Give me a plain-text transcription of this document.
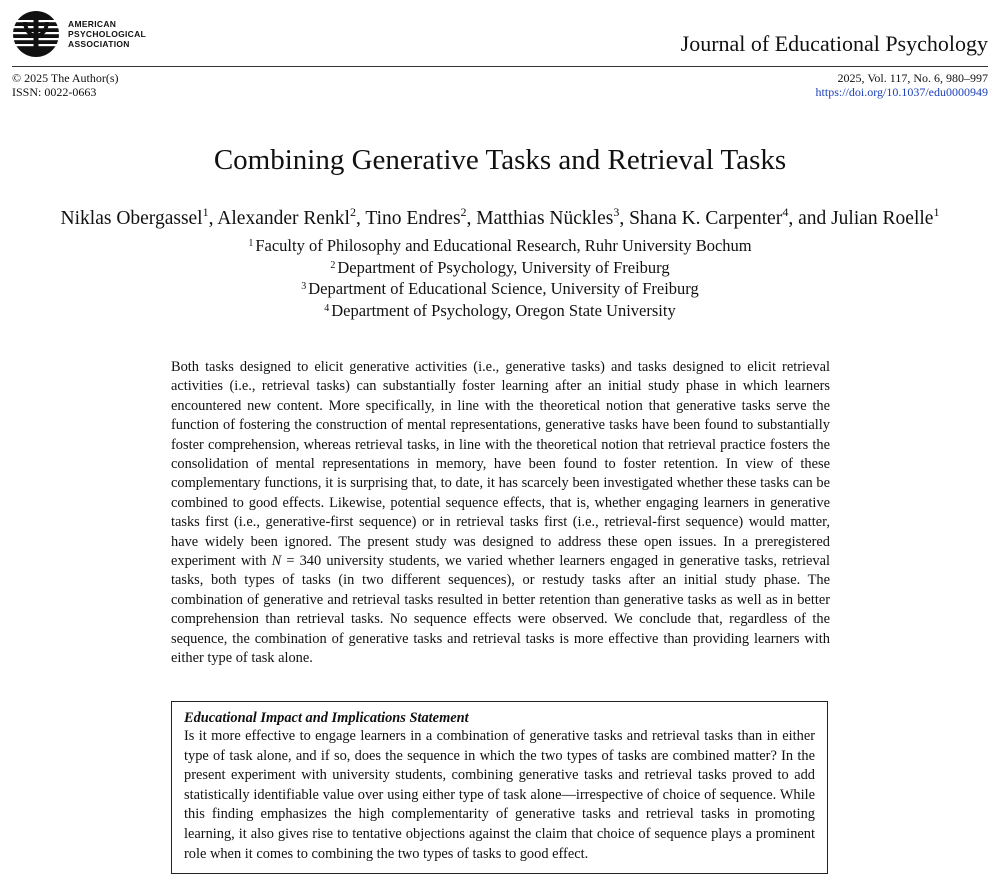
AMERICAN
PSYCHOLOGICAL
ASSOCIATION	Journal of Educational Psychology
© 2025 The Author(s)
ISSN: 0022-0663
2025, Vol. 117, No. 6, 980–997
https://doi.org/10.1037/edu0000949
Combining Generative Tasks and Retrieval Tasks
Niklas Obergassel$^1$, Alexander Renkl$^2$, Tino Endres$^2$, Matthias Nückles$^3$, Shana K. Carpenter$^4$, and Julian Roelle$^1$
$^1$ Faculty of Philosophy and Educational Research, Ruhr University Bochum
$^2$ Department of Psychology, University of Freiburg
$^3$ Department of Educational Science, University of Freiburg
$^4$ Department of Psychology, Oregon State University
Both tasks designed to elicit generative activities (i.e., generative tasks) and tasks designed to elicit retrieval activities (i.e., retrieval tasks) can substantially foster learning after an initial study phase in which learners encountered new content. More specifically, in line with the theoretical notion that generative tasks serve the function of fostering the construction of mental representations, generative tasks have been found to substantially foster comprehension, whereas retrieval tasks, in line with the theoretical notion that retrieval practice fosters the consolidation of mental representations in memory, have been found to foster retention. In view of these complementary functions, it is surprising that, to date, it has scarcely been investigated whether these tasks can be combined to good effects. Likewise, potential sequence effects, that is, whether engaging learners in generative tasks first (i.e., generative-first sequence) or in retrieval tasks first (i.e., retrieval-first sequence) would matter, have widely been ignored. The present study was designed to address these open issues. In a preregistered experiment with N = 340 university students, we varied whether learners engaged in generative tasks, retrieval tasks, both types of tasks (in two different sequences), or restudy tasks after an initial study phase. The combination of generative and retrieval tasks resulted in better retention than generative tasks as well as in better comprehension than retrieval tasks. No sequence effects were observed. We conclude that, regardless of the sequence, the combination of generative tasks and retrieval tasks is more effective than providing learners with either type of task alone.
Educational Impact and Implications Statement
Is it more effective to engage learners in a combination of generative tasks and retrieval tasks than in either type of task alone, and if so, does the sequence in which the two types of tasks are combined matter? In the present experiment with university students, combining generative tasks and retrieval tasks proved to add statistically identifiable value over using either type of task alone—irrespective of choice of sequence. While this finding emphasizes the high complementarity of generative tasks and retrieval tasks in promoting learning, it also gives rise to tentative objections against the claim that choice of sequence plays a prominent role when it comes to combining the two types of tasks to good effect.
